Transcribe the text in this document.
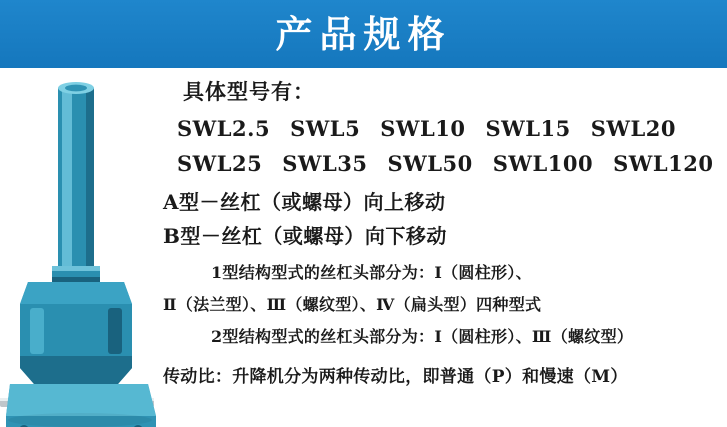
产品规格
具体型号有：
SWL2.5 SWL5 SWL10 SWL15 SWL20
SWL25 SWL35 SWL50 SWL100 SWL120
A型－丝杠（或螺母）向上移动
B型－丝杠（或螺母）向下移动
1型结构型式的丝杠头部分为：Ⅰ（圆柱形）、
Ⅱ（法兰型）、Ⅲ（螺纹型）、Ⅳ（扁头型）四种型式
2型结构型式的丝杠头部分为：Ⅰ（圆柱形）、Ⅲ（螺纹型）
传动比：升降机分为两种传动比，即普通（P）和慢速（M）
